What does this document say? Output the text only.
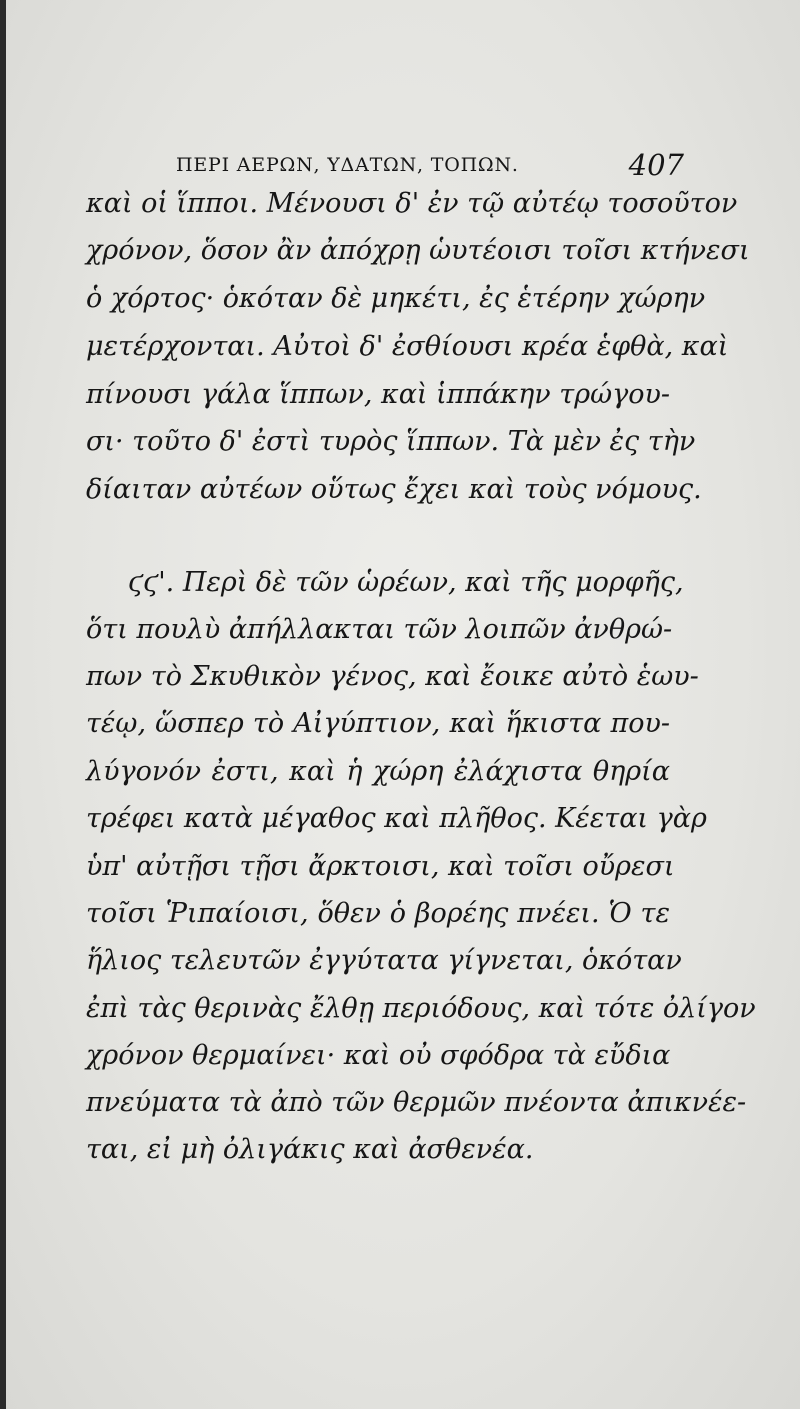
ΠΕΡΙ ΑΕΡΩΝ, ΥΔΑΤΩΝ, ΤΟΠΩΝ.	407
καὶ οἱ ἵπποι. Μένουσι δ' ἐν τῷ αὐτέῳ τοσοῦτον
χρόνον, ὅσον ἂν ἀπόχρῃ ὡυτέοισι τοῖσι κτήνεσι
ὁ χόρτος· ὁκόταν δὲ μηκέτι, ἐς ἑτέρην χώρην
μετέρχονται. Αὐτοὶ δ' ἐσθίουσι κρέα ἑφθὰ, καὶ
πίνουσι γάλα ἵππων, καὶ ἱππάκην τρώγου-
σι· τοῦτο δ' ἐστὶ τυρὸς ἵππων. Τὰ μὲν ἐς τὴν
δίαιταν αὐτέων οὕτως ἔχει καὶ τοὺς νόμους.
ϛϛ'. Περὶ δὲ τῶν ὡρέων, καὶ τῆς μορφῆς,
ὅτι πουλὺ ἀπήλλακται τῶν λοιπῶν ἀνθρώ-
πων τὸ Σκυθικὸν γένος, καὶ ἔοικε αὐτὸ ἑωυ-
τέῳ, ὥσπερ τὸ Αἰγύπτιον, καὶ ἥκιστα που-
λύγονόν ἐστι, καὶ ἡ χώρη ἐλάχιστα θηρία
τρέφει κατὰ μέγαθος καὶ πλῆθος. Κέεται γὰρ
ὑπ' αὐτῇσι τῇσι ἄρκτοισι, καὶ τοῖσι οὔρεσι
τοῖσι Ῥιπαίοισι, ὅθεν ὁ βορέης πνέει. Ὁ τε
ἥλιος τελευτῶν ἐγγύτατα γίγνεται, ὁκόταν
ἐπὶ τὰς θερινὰς ἔλθῃ περιόδους, καὶ τότε ὀλίγον
χρόνον θερμαίνει· καὶ οὐ σφόδρα τὰ εὔδια
πνεύματα τὰ ἀπὸ τῶν θερμῶν πνέοντα ἀπικνέε-
ται, εἰ μὴ ὀλιγάκις καὶ ἀσθενέα.
